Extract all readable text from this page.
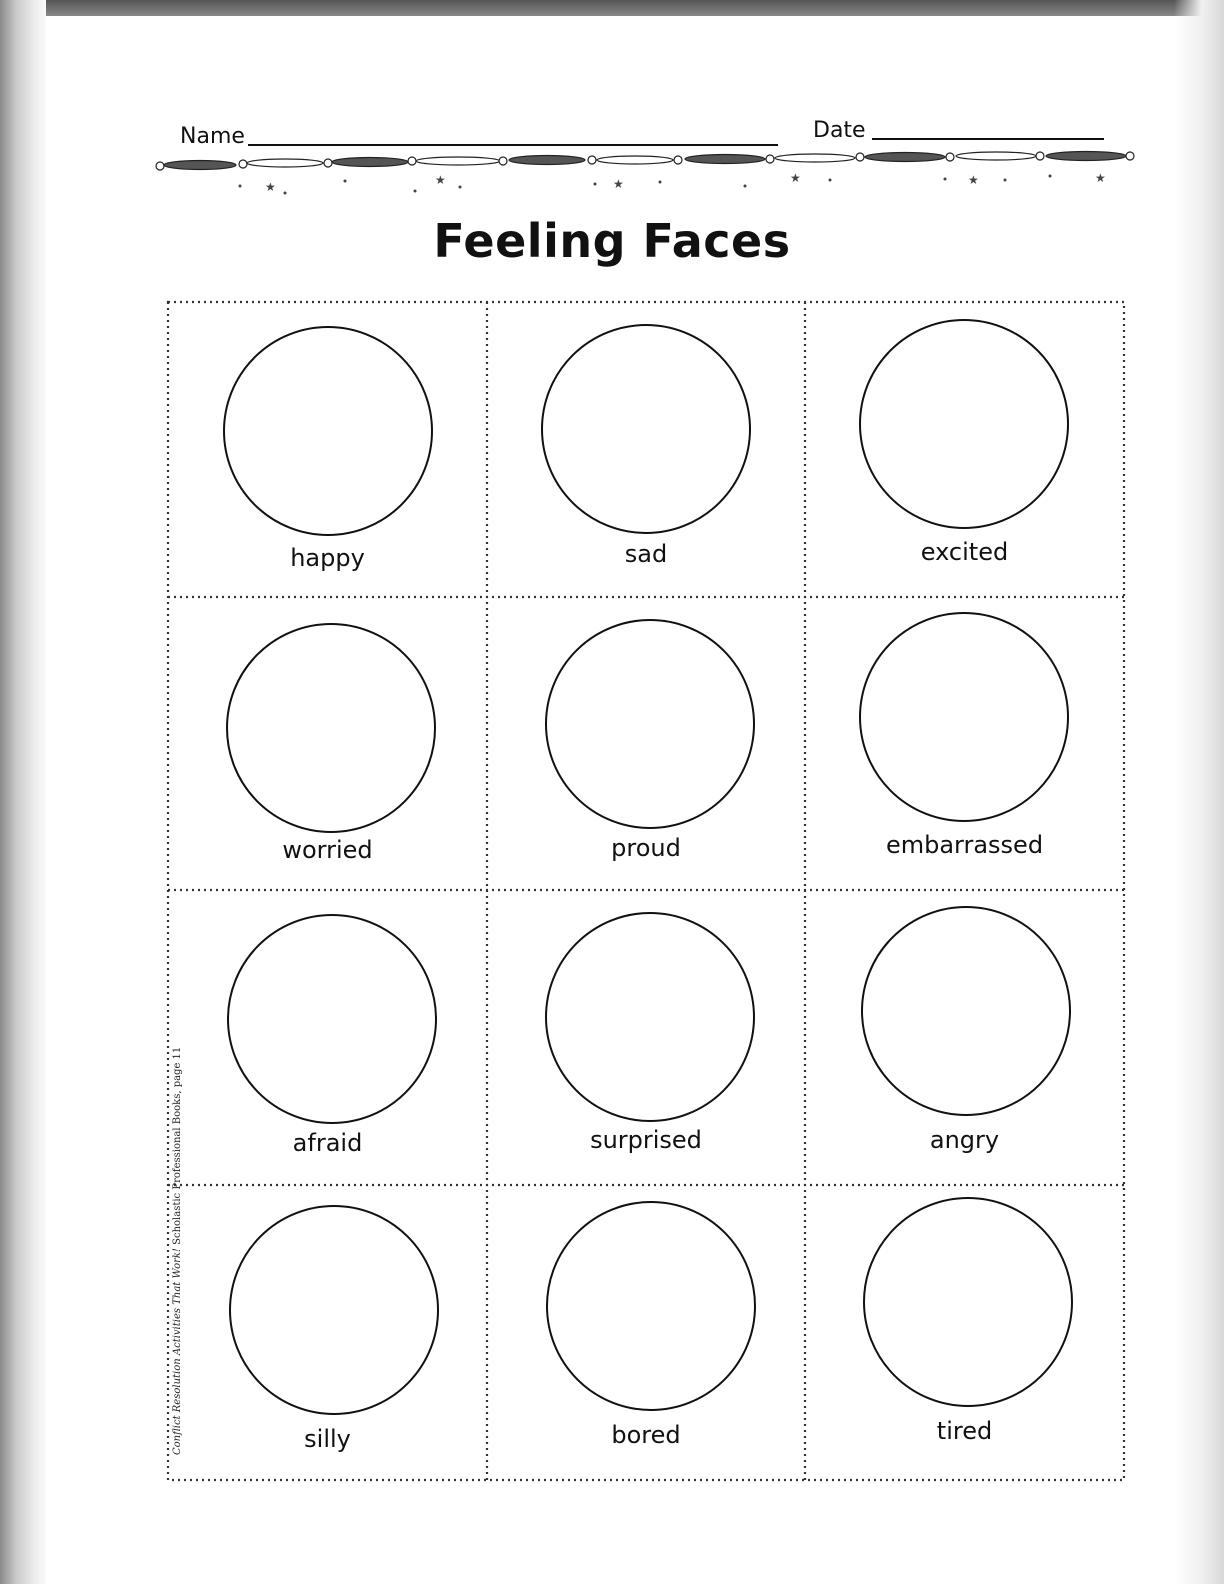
Name	Date
★	★	★	★	★	★
Feeling Faces
happy	sad	excited
worried	proud	embarrassed
afraid	surprised	angry
silly	bored	tired
Conflict Resolution Activities That Work! Scholastic Professional Books, page 11
